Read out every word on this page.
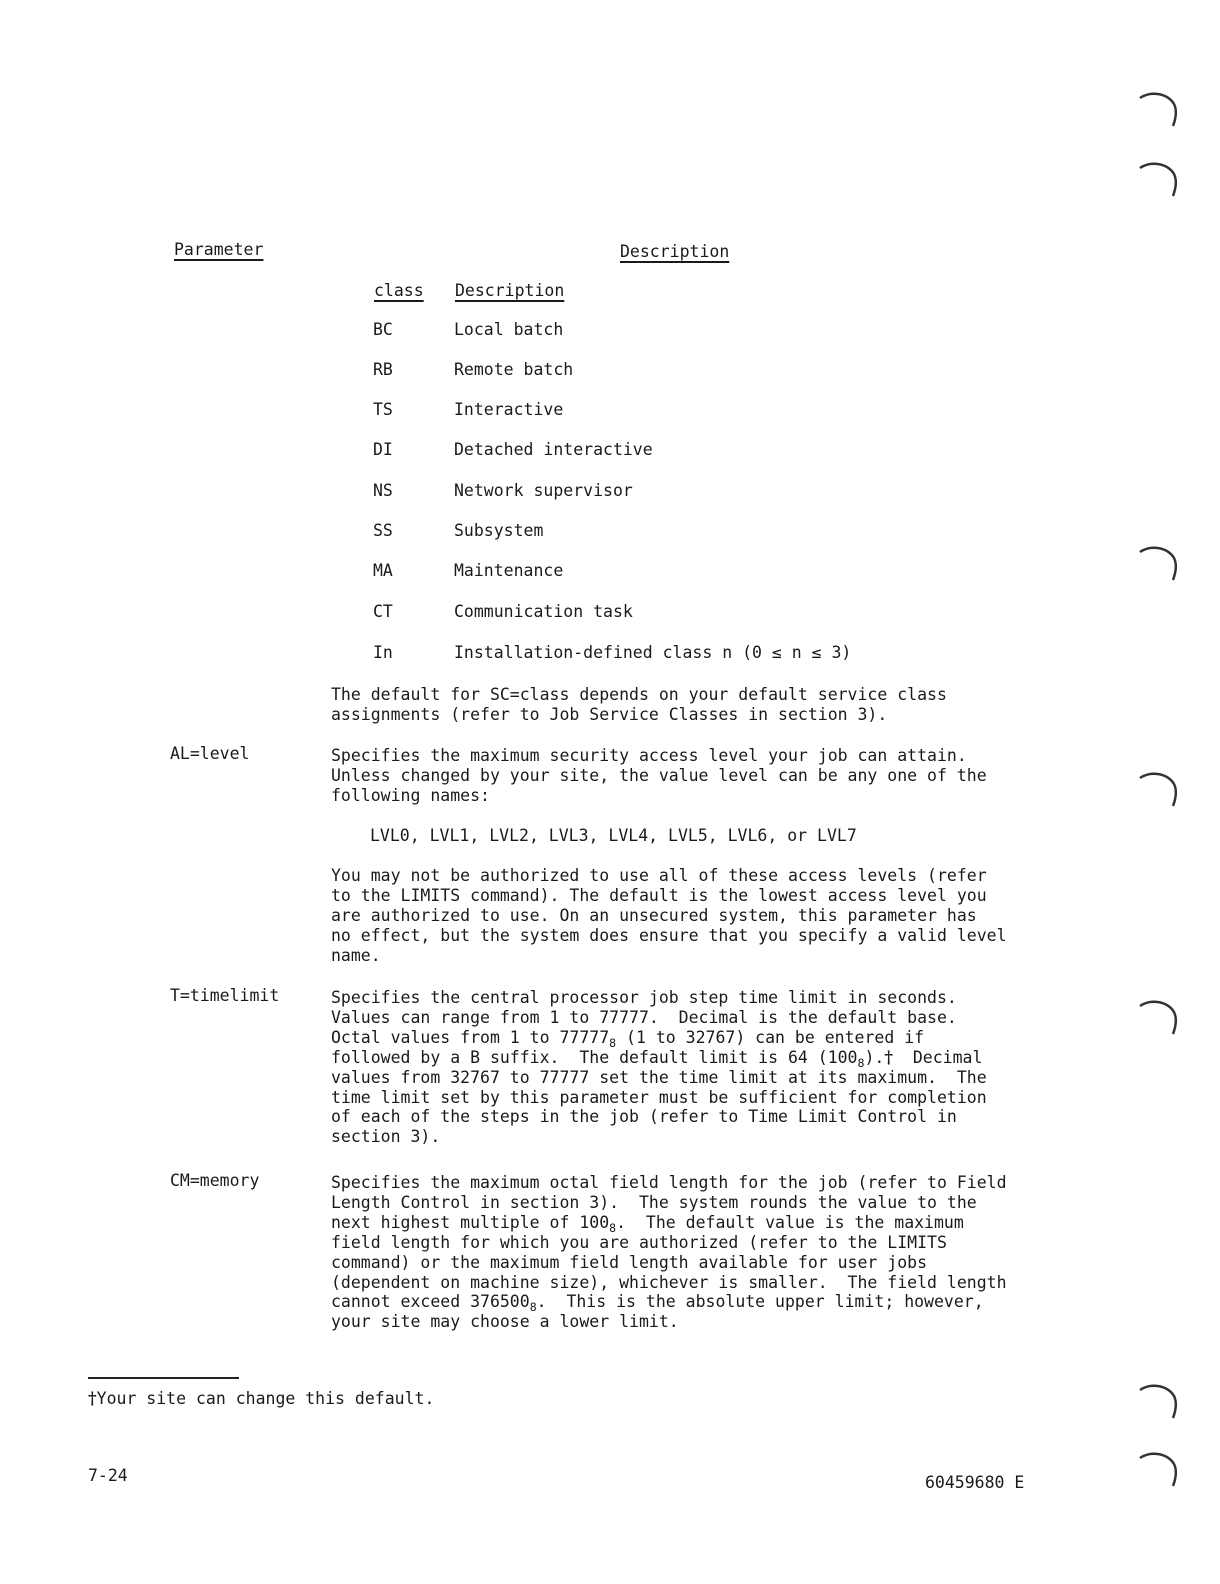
Parameter	Description
class Description
BC	Local batch
RB	Remote batch
TS	Interactive
DI	Detached interactive
NS	Network supervisor
SS	Subsystem
MA	Maintenance
CT	Communication task
In	Installation-defined class n (0 ≤ n ≤ 3)
The default for SC=class depends on your default service class
assignments (refer to Job Service Classes in section 3).
AL=level	Specifies the maximum security access level your job can attain.
Unless changed by your site, the value level can be any one of the
following names:
LVL0, LVL1, LVL2, LVL3, LVL4, LVL5, LVL6, or LVL7
You may not be authorized to use all of these access levels (refer
to the LIMITS command). The default is the lowest access level you
are authorized to use. On an unsecured system, this parameter has
no effect, but the system does ensure that you specify a valid level
name.
T=timelimit	Specifies the central processor job step time limit in seconds.
Values can range from 1 to 77777.  Decimal is the default base.
Octal values from 1 to $77777_8$ (1 to 32767) can be entered if
followed by a B suffix.  The default limit is 64 $(100_8).\dagger$  Decimal
values from 32767 to 77777 set the time limit at its maximum.  The
time limit set by this parameter must be sufficient for completion
of each of the steps in the job (refer to Time Limit Control in
section 3).
CM=memory	Specifies the maximum octal field length for the job (refer to Field
Length Control in section 3).  The system rounds the value to the
next highest multiple of $100_8$.  The default value is the maximum
field length for which you are authorized (refer to the LIMITS
command) or the maximum field length available for user jobs
(dependent on machine size), whichever is smaller.  The field length
cannot exceed $376500_8$.  This is the absolute upper limit; however,
your site may choose a lower limit.
†Your site can change this default.
7-24	60459680 E
